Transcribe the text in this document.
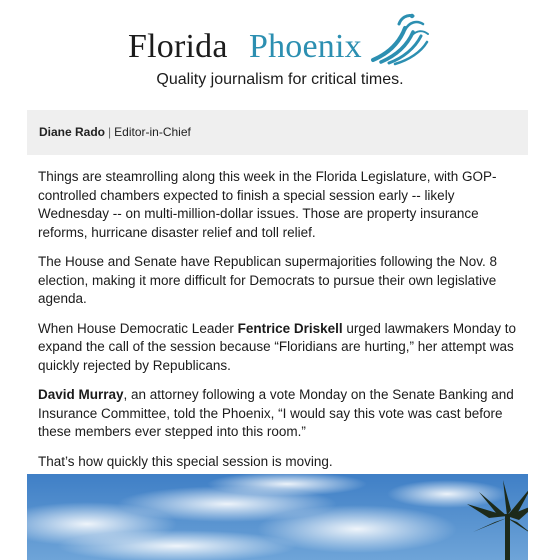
Florida Phoenix
Quality journalism for critical times.
Diane Rado | Editor-in-Chief

Things are steamrolling along this week in the Florida Legislature, with GOP-controlled chambers expected to finish a special session early -- likely Wednesday -- on multi-million-dollar issues. Those are property insurance reforms, hurricane disaster relief and toll relief.

The House and Senate have Republican supermajorities following the Nov. 8 election, making it more difficult for Democrats to pursue their own legislative agenda.

When House Democratic Leader Fentrice Driskell urged lawmakers Monday to expand the call of the session because “Floridians are hurting,” her attempt was quickly rejected by Republicans.

David Murray, an attorney following a vote Monday on the Senate Banking and Insurance Committee, told the Phoenix, “I would say this vote was cast before these members ever stepped into this room.”

That’s how quickly this special session is moving.
